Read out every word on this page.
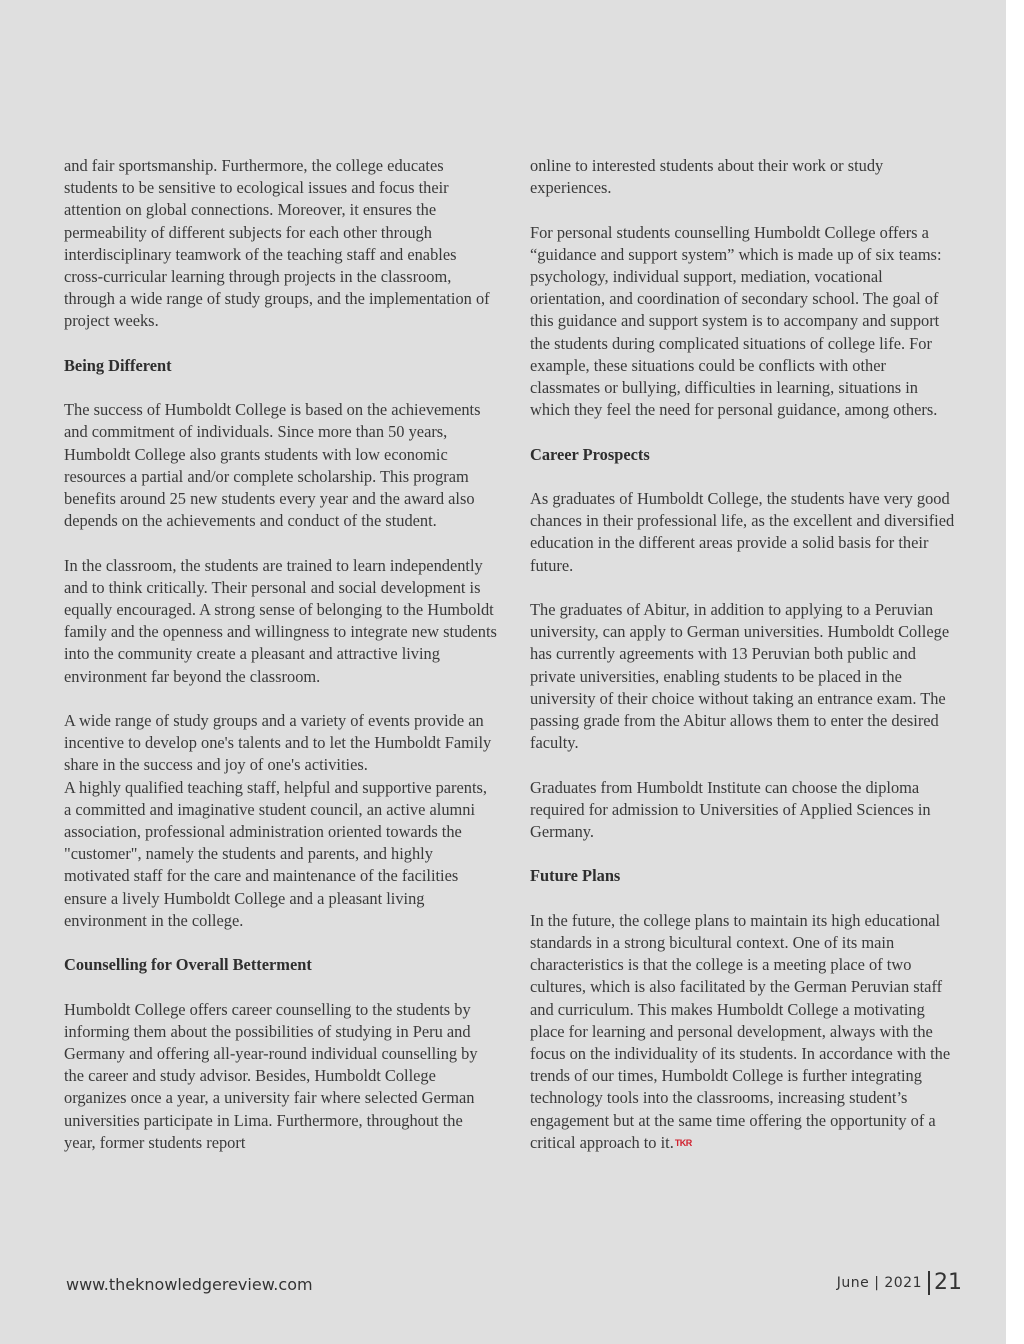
and fair sportsmanship. Furthermore, the college educates students to be sensitive to ecological issues and focus their attention on global connections. Moreover, it ensures the permeability of different subjects for each other through interdisciplinary teamwork of the teaching staff and enables cross-curricular learning through projects in the classroom, through a wide range of study groups, and the implementation of project weeks.

Being Different

The success of Humboldt College is based on the achievements and commitment of individuals. Since more than 50 years, Humboldt College also grants students with low economic resources a partial and/or complete scholarship. This program benefits around 25 new students every year and the award also depends on the achievements and conduct of the student.

In the classroom, the students are trained to learn independently and to think critically. Their personal and social development is equally encouraged. A strong sense of belonging to the Humboldt family and the openness and willingness to integrate new students into the community create a pleasant and attractive living environment far beyond the classroom.

A wide range of study groups and a variety of events provide an incentive to develop one's talents and to let the Humboldt Family share in the success and joy of one's activities.

A highly qualified teaching staff, helpful and supportive parents, a committed and imaginative student council, an active alumni association, professional administration oriented towards the "customer", namely the students and parents, and highly motivated staff for the care and maintenance of the facilities ensure a lively Humboldt College and a pleasant living environment in the college.

Counselling for Overall Betterment

Humboldt College offers career counselling to the students by informing them about the possibilities of studying in Peru and Germany and offering all-year-round individual counselling by the career and study advisor. Besides, Humboldt College organizes once a year, a university fair where selected German universities participate in Lima. Furthermore, throughout the year, former students report

online to interested students about their work or study experiences.

For personal students counselling Humboldt College offers a “guidance and support system” which is made up of six teams: psychology, individual support, mediation, vocational orientation, and coordination of secondary school. The goal of this guidance and support system is to accompany and support the students during complicated situations of college life. For example, these situations could be conflicts with other classmates or bullying, difficulties in learning, situations in which they feel the need for personal guidance, among others.

Career Prospects

As graduates of Humboldt College, the students have very good chances in their professional life, as the excellent and diversified education in the different areas provide a solid basis for their future.

The graduates of Abitur, in addition to applying to a Peruvian university, can apply to German universities. Humboldt College has currently agreements with 13 Peruvian both public and private universities, enabling students to be placed in the university of their choice without taking an entrance exam. The passing grade from the Abitur allows them to enter the desired faculty.

Graduates from Humboldt Institute can choose the diploma required for admission to Universities of Applied Sciences in Germany.

Future Plans

In the future, the college plans to maintain its high educational standards in a strong bicultural context. One of its main characteristics is that the college is a meeting place of two cultures, which is also facilitated by the German Peruvian staff and curriculum. This makes Humboldt College a motivating place for learning and personal development, always with the focus on the individuality of its students. In accordance with the trends of our times, Humboldt College is further integrating technology tools into the classrooms, increasing student’s engagement but at the same time offering the opportunity of a critical approach to it.TKR

www.theknowledgereview.com	June | 2021 21
